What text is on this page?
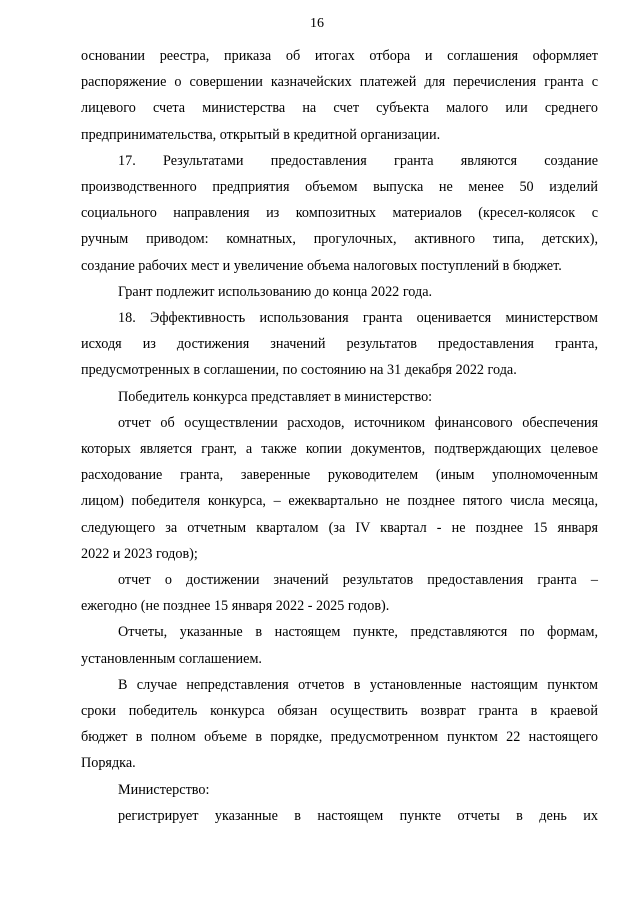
16
основании реестра, приказа об итогах отбора и соглашения оформляет
распоряжение о совершении казначейских платежей для перечисления гранта с
лицевого счета министерства на счет субъекта малого или среднего
предпринимательства, открытый в кредитной организации.
17. Результатами предоставления гранта являются создание
производственного предприятия объемом выпуска не менее 50 изделий
социального направления из композитных материалов (кресел-колясок с
ручным приводом: комнатных, прогулочных, активного типа, детских),
создание рабочих мест и увеличение объема налоговых поступлений в бюджет.
Грант подлежит использованию до конца 2022 года.
18. Эффективность использования гранта оценивается министерством
исходя из достижения значений результатов предоставления гранта,
предусмотренных в соглашении, по состоянию на 31 декабря 2022 года.
Победитель конкурса представляет в министерство:
отчет об осуществлении расходов, источником финансового обеспечения
которых является грант, а также копии документов, подтверждающих целевое
расходование гранта, заверенные руководителем (иным уполномоченным
лицом) победителя конкурса, – ежеквартально не позднее пятого числа месяца,
следующего за отчетным кварталом (за IV квартал - не позднее 15 января
2022 и 2023 годов);
отчет о достижении значений результатов предоставления гранта –
ежегодно (не позднее 15 января 2022 - 2025 годов).
Отчеты, указанные в настоящем пункте, представляются по формам,
установленным соглашением.
В случае непредставления отчетов в установленные настоящим пунктом
сроки победитель конкурса обязан осуществить возврат гранта в краевой
бюджет в полном объеме в порядке, предусмотренном пунктом 22 настоящего
Порядка.
Министерство:
регистрирует указанные в настоящем пункте отчеты в день их
